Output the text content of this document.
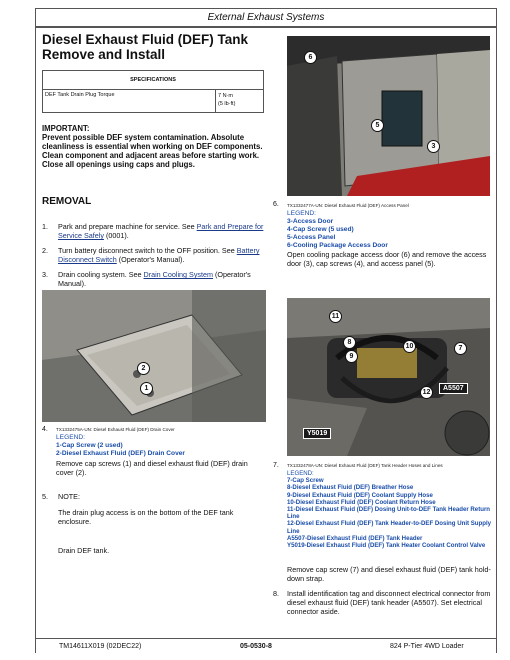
External Exhaust Systems
Diesel Exhaust Fluid (DEF) Tank Remove and Install
SPECIFICATIONS
DEF Tank Drain Plug Torque	7 N·m
(5 lb·ft)
IMPORTANT:
Prevent possible DEF system contamination. Absolute cleanliness is essential when working on DEF components. Clean component and adjacent areas before starting work. Close all openings using caps and plugs.
REMOVAL
1.	Park and prepare machine for service. See Park and Prepare for Service Safely (0001).
2.	Turn battery disconnect switch to the OFF position. See Battery Disconnect Switch (Operator's Manual).
3.	Drain cooling system. See Drain Cooling System (Operator's Manual).
2
1
4. TX1332475A-UN: Diesel Exhaust Fluid (DEF) Drain Cover
LEGEND:
1-Cap Screw (2 used)
2-Diesel Exhaust Fluid (DEF) Drain Cover
Remove cap screws (1) and diesel exhaust fluid (DEF) drain cover (2).
5. NOTE:
The drain plug access is on the bottom of the DEF tank enclosure.
Drain DEF tank.
6
5
3
6. TX1332477A-UN: Diesel Exhaust Fluid (DEF) Access Panel
LEGEND:
3-Access Door
4-Cap Screw (5 used)
5-Access Panel
6-Cooling Package Access Door
Open cooling package access door (6) and remove the access door (3), cap screws (4), and access panel (5).
11
8
10
9
7
12
A5507
Y5019
7. TX1332478A-UN: Diesel Exhaust Fluid (DEF) Tank Header Hoses and Lines
LEGEND:
7-Cap Screw
8-Diesel Exhaust Fluid (DEF) Breather Hose
9-Diesel Exhaust Fluid (DEF) Coolant Supply Hose
10-Diesel Exhaust Fluid (DEF) Coolant Return Hose
11-Diesel Exhaust Fluid (DEF) Dosing Unit-to-DEF Tank Header Return Line
12-Diesel Exhaust Fluid (DEF) Tank Header-to-DEF Dosing Unit Supply Line
A5507-Diesel Exhaust Fluid (DEF) Tank Header
Y5019-Diesel Exhaust Fluid (DEF) Tank Heater Coolant Control Valve
Remove cap screw (7) and diesel exhaust fluid (DEF) tank hold-down strap.
8. Install identification tag and disconnect electrical connector from diesel exhaust fluid (DEF) tank header (A5507). Set electrical connector aside.
TM14611X019 (02DEC22)	05-0530-8	824 P-Tier 4WD Loader
